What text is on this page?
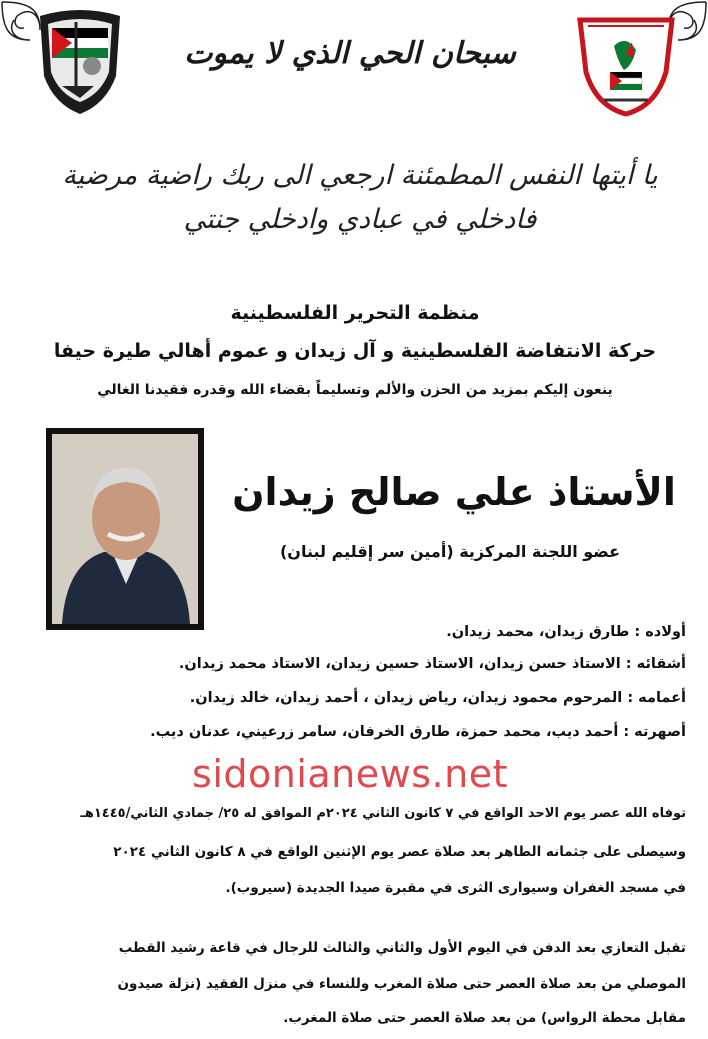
سبحان الحي الذي لا يموت
يا أيتها النفس المطمئنة ارجعي الى ربك راضية مرضية
فادخلي في عبادي وادخلي جنتي
منظمة التحرير الفلسطينية
حركة الانتفاضة الفلسطينية و آل زيدان و عموم أهالي طيرة حيفا
ينعون إليكم بمزيد من الحزن والألم وتسليماً بقضاء الله وقدره فقيدنا الغالي
الأستاذ علي صالح زيدان
عضو اللجنة المركزية (أمين سر إقليم لبنان)
أولاده : طارق زيدان، محمد زيدان.
أشقائه : الاستاذ حسن زيدان، الاستاذ حسين زيدان، الاستاذ محمد زيدان.
أعمامه : المرحوم محمود زيدان، رياض زيدان ، أحمد زيدان، خالد زيدان.
أصهرته : أحمد ديب، محمد حمزة، طارق الخرفان، سامر زرعيني، عدنان ديب.
sidonianews.net
توفاه الله عصر يوم الاحد الواقع في ٧ كانون الثاني ٢٠٢٤م الموافق له ٢٥/ جمادي الثاني/١٤٤٥هـ
وسيصلى على جثمانه الطاهر بعد صلاة عصر يوم الإثنين الواقع في ٨ كانون الثاني ٢٠٢٤
في مسجد الغفران وسيوارى الثرى في مقبرة صيدا الجديدة (سيروب).
تقبل التعازي بعد الدفن في اليوم الأول والثاني والثالث للرجال في قاعة رشيد القطب
الموصلي من بعد صلاة العصر حتى صلاة المغرب وللنساء في منزل الفقيد (نزلة صيدون
مقابل محطة الرواس) من بعد صلاة العصر حتى صلاة المغرب.
